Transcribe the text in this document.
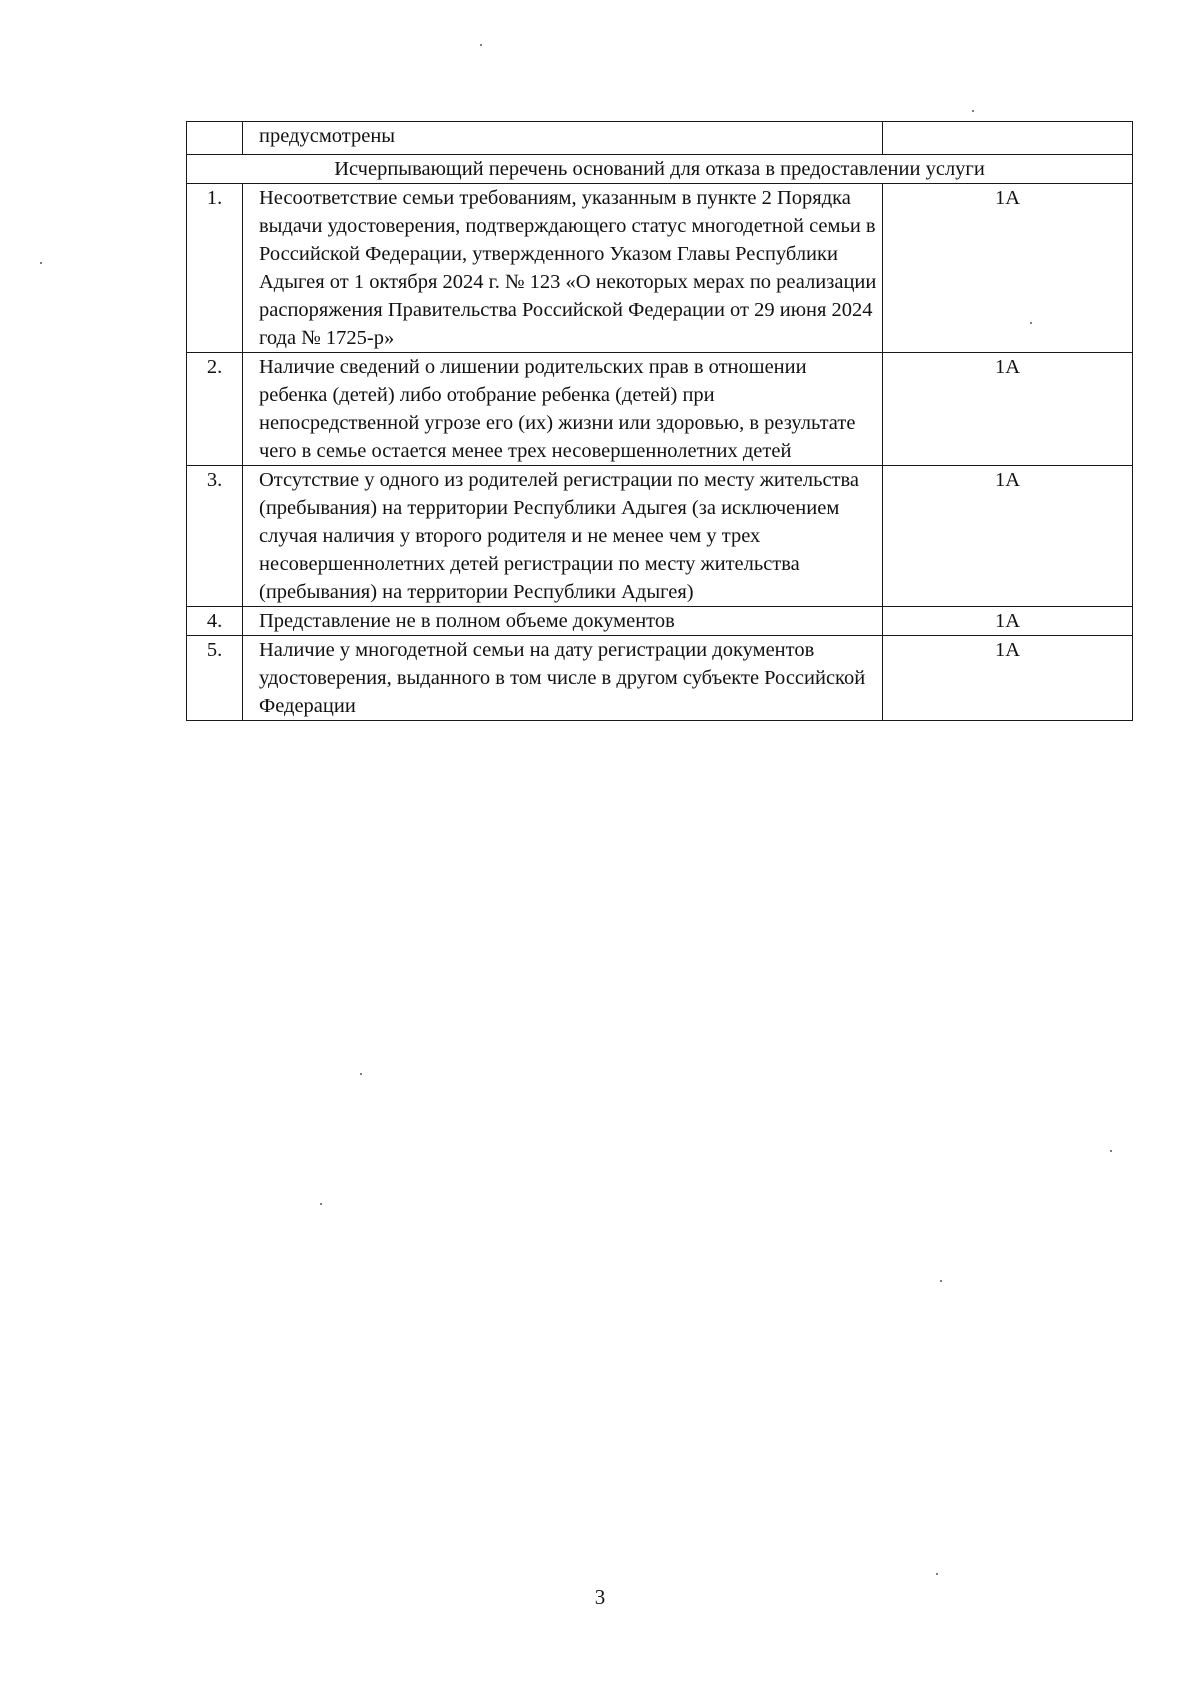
	предусмотрены	
Исчерпывающий перечень оснований для отказа в предоставлении услуги		
1.	Несоответствие семьи требованиям, указанным в пункте 2 Порядка выдачи удостоверения, подтверждающего статус многодетной семьи в Российской Федерации, утвержденного Указом Главы Республики Адыгея от 1 октября 2024 г. № 123 «О некоторых мерах по реализации распоряжения Правительства Российской Федерации от 29 июня 2024 года № 1725-р»	1А
2.	Наличие сведений о лишении родительских прав в отношении ребенка (детей) либо отобрание ребенка (детей) при непосредственной угрозе его (их) жизни или здоровью, в результате чего в семье остается менее трех несовершеннолетних детей	1А
3.	Отсутствие у одного из родителей регистрации по месту жительства (пребывания) на территории Республики Адыгея (за исключением случая наличия у второго родителя и не менее чем у трех несовершеннолетних детей регистрации по месту жительства (пребывания) на территории Республики Адыгея)	1А
4.	Представление не в полном объеме документов	1А
5.	Наличие у многодетной семьи на дату регистрации документов удостоверения, выданного в том числе в другом субъекте Российской Федерации	1А
3
